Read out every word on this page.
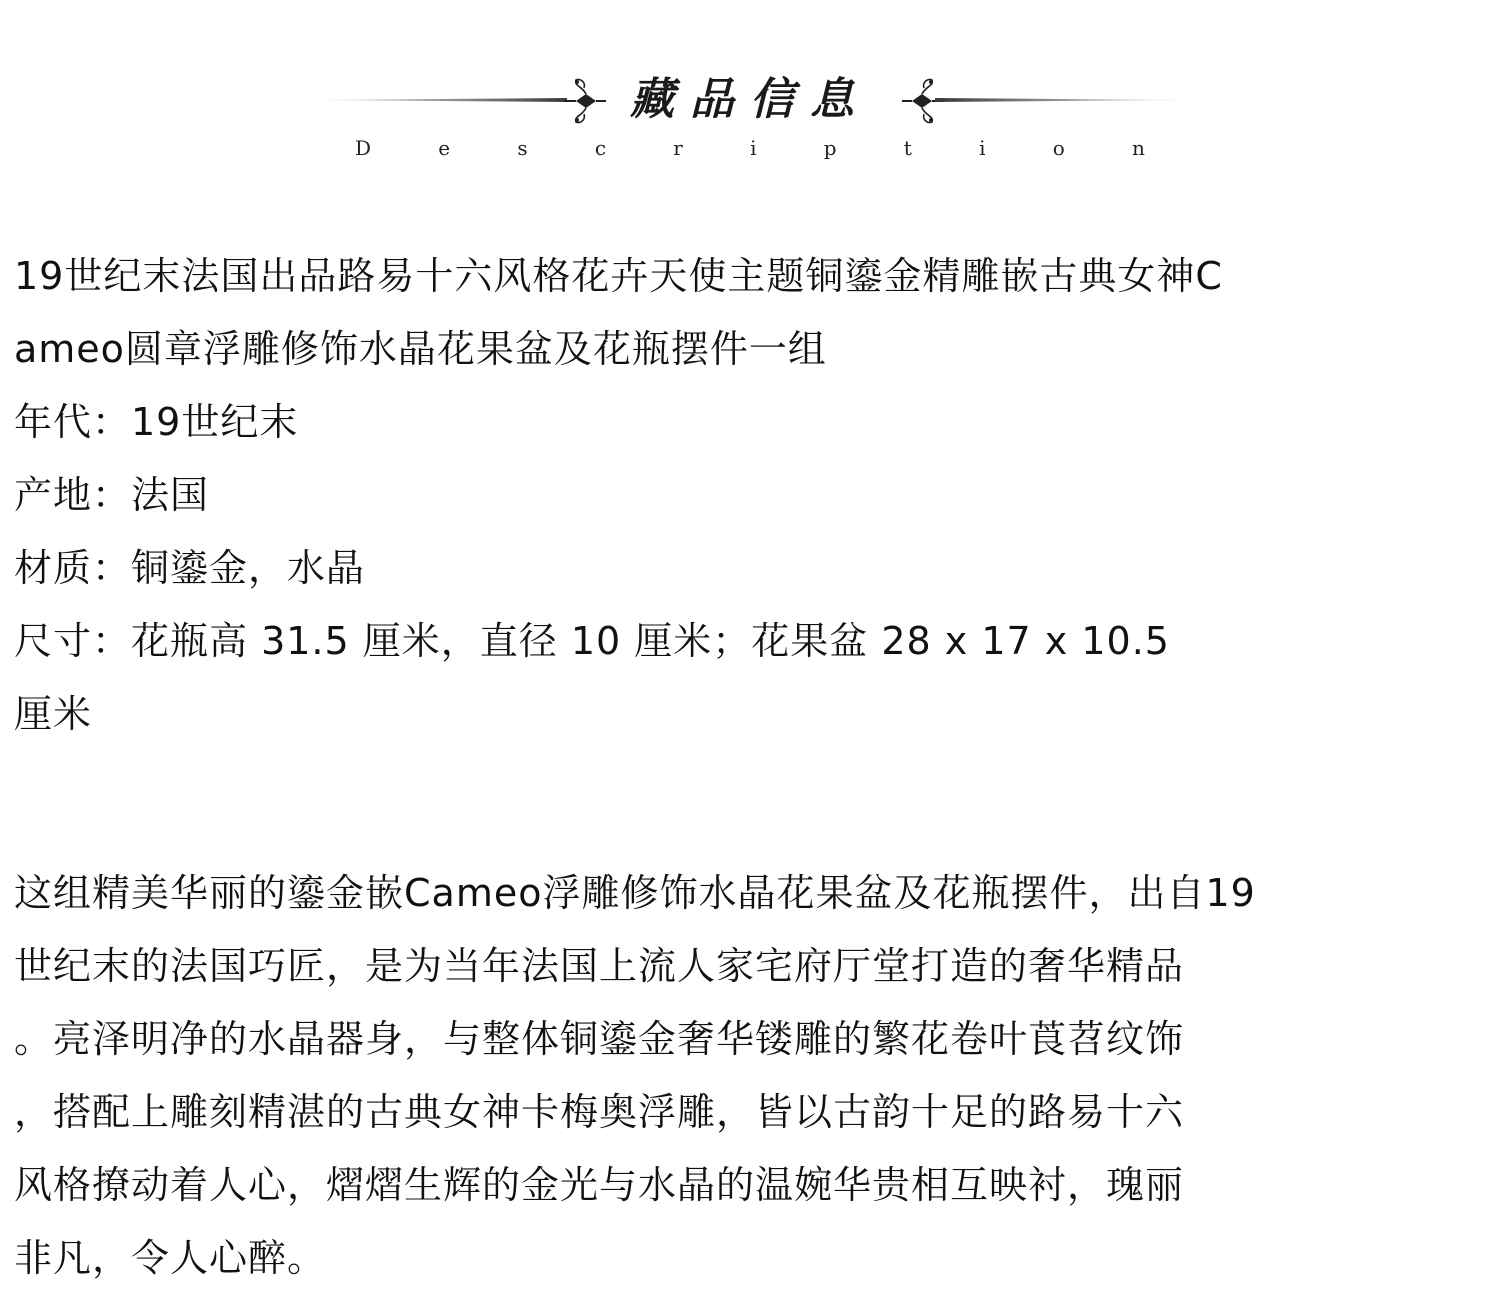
藏品信息
D	e	s	c	r	i	p	t	i	o	n
19世纪末法国出品路易十六风格花卉天使主题铜鎏金精雕嵌古典女神C
ameo圆章浮雕修饰水晶花果盆及花瓶摆件一组
年代：19世纪末
产地：法国
材质：铜鎏金，水晶
尺寸：花瓶高 31.5 厘米，直径 10 厘米；花果盆 28 x 17 x 10.5
厘米
这组精美华丽的鎏金嵌Cameo浮雕修饰水晶花果盆及花瓶摆件，出自19
世纪末的法国巧匠，是为当年法国上流人家宅府厅堂打造的奢华精品
。亮泽明净的水晶器身，与整体铜鎏金奢华镂雕的繁花卷叶莨苕纹饰
，搭配上雕刻精湛的古典女神卡梅奥浮雕，皆以古韵十足的路易十六
风格撩动着人心，熠熠生辉的金光与水晶的温婉华贵相互映衬，瑰丽
非凡，令人心醉。
